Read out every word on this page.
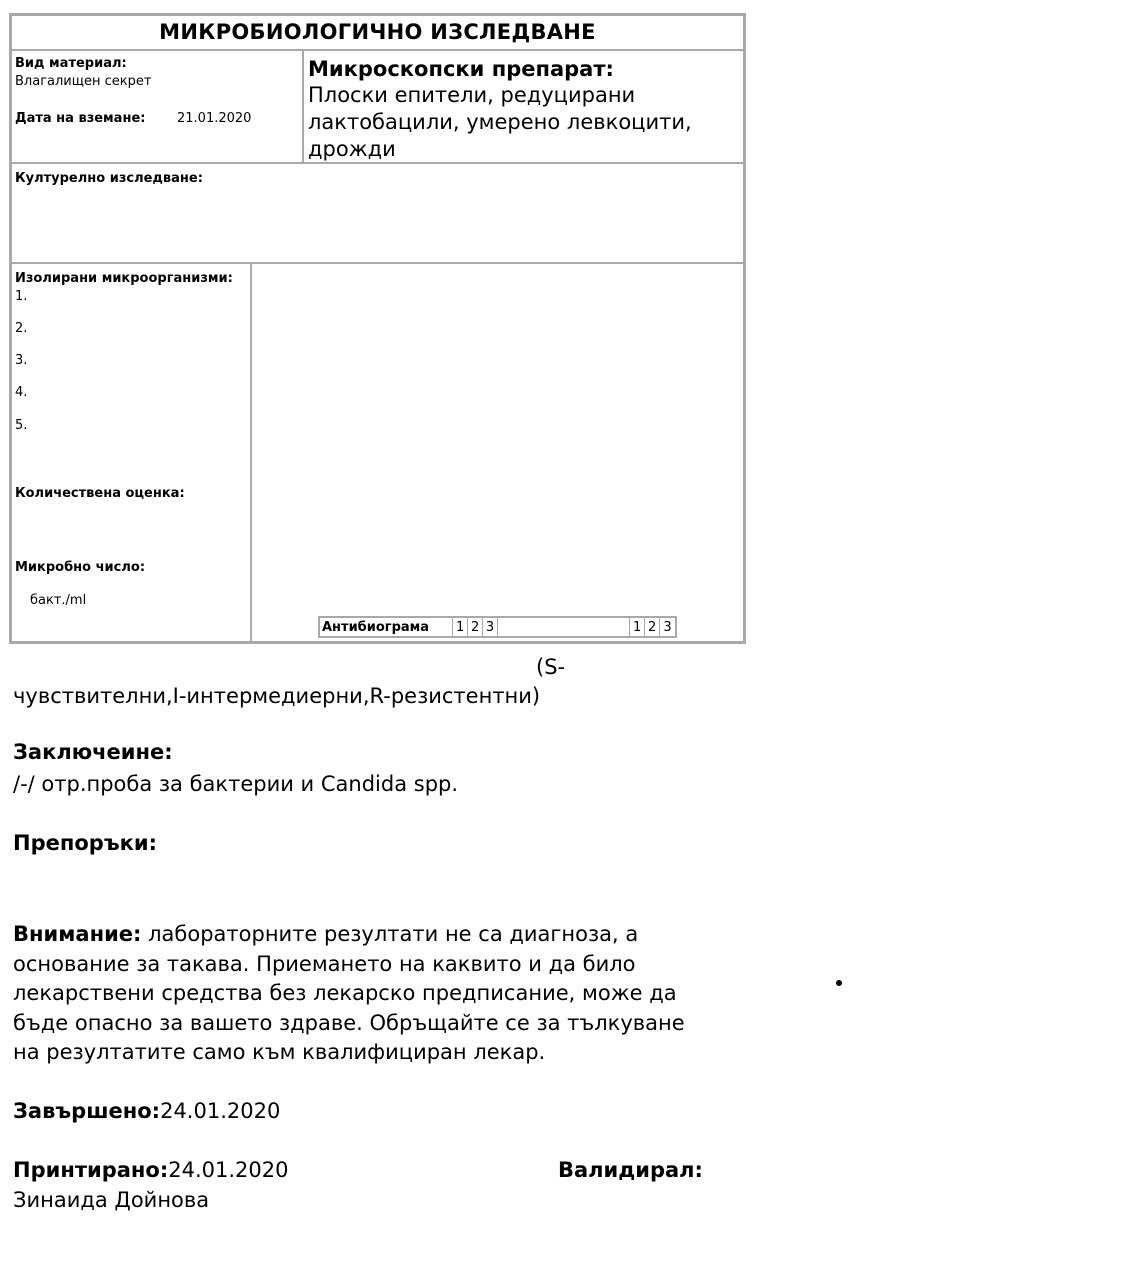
МИКРОБИОЛОГИЧНО ИЗСЛЕДВАНЕ
Вид материал:
Влагалищен секрет
Дата на вземане: 21.01.2020
Микроскопски препарат:
Плоски епители, редуцирани
лактобацили, умерено левкоцити,
дрожди
Културелно изследване:
Изолирани микроорганизми:
1.
2.
3.
4.
5.
Количествена оценка:
Микробно число:
бакт./ml
Антибиограма	1 2 3	1 2 3
(S-
чувствителни,I-интермедиерни,R-резистентни)
Заключеине:
/-/ отр.проба за бактерии и Candida spp.
Препоръки:
Внимание: лабораторните резултати не са диагноза, а
основание за такава. Приемането на каквито и да било
лекарствени средства без лекарско предписание, може да
бъде опасно за вашето здраве. Обръщайте се за тълкуване
на резултатите само към квалифициран лекар.
Завършено:24.01.2020
Принтирано:24.01.2020	Валидирал:
Зинаида Дойнова
